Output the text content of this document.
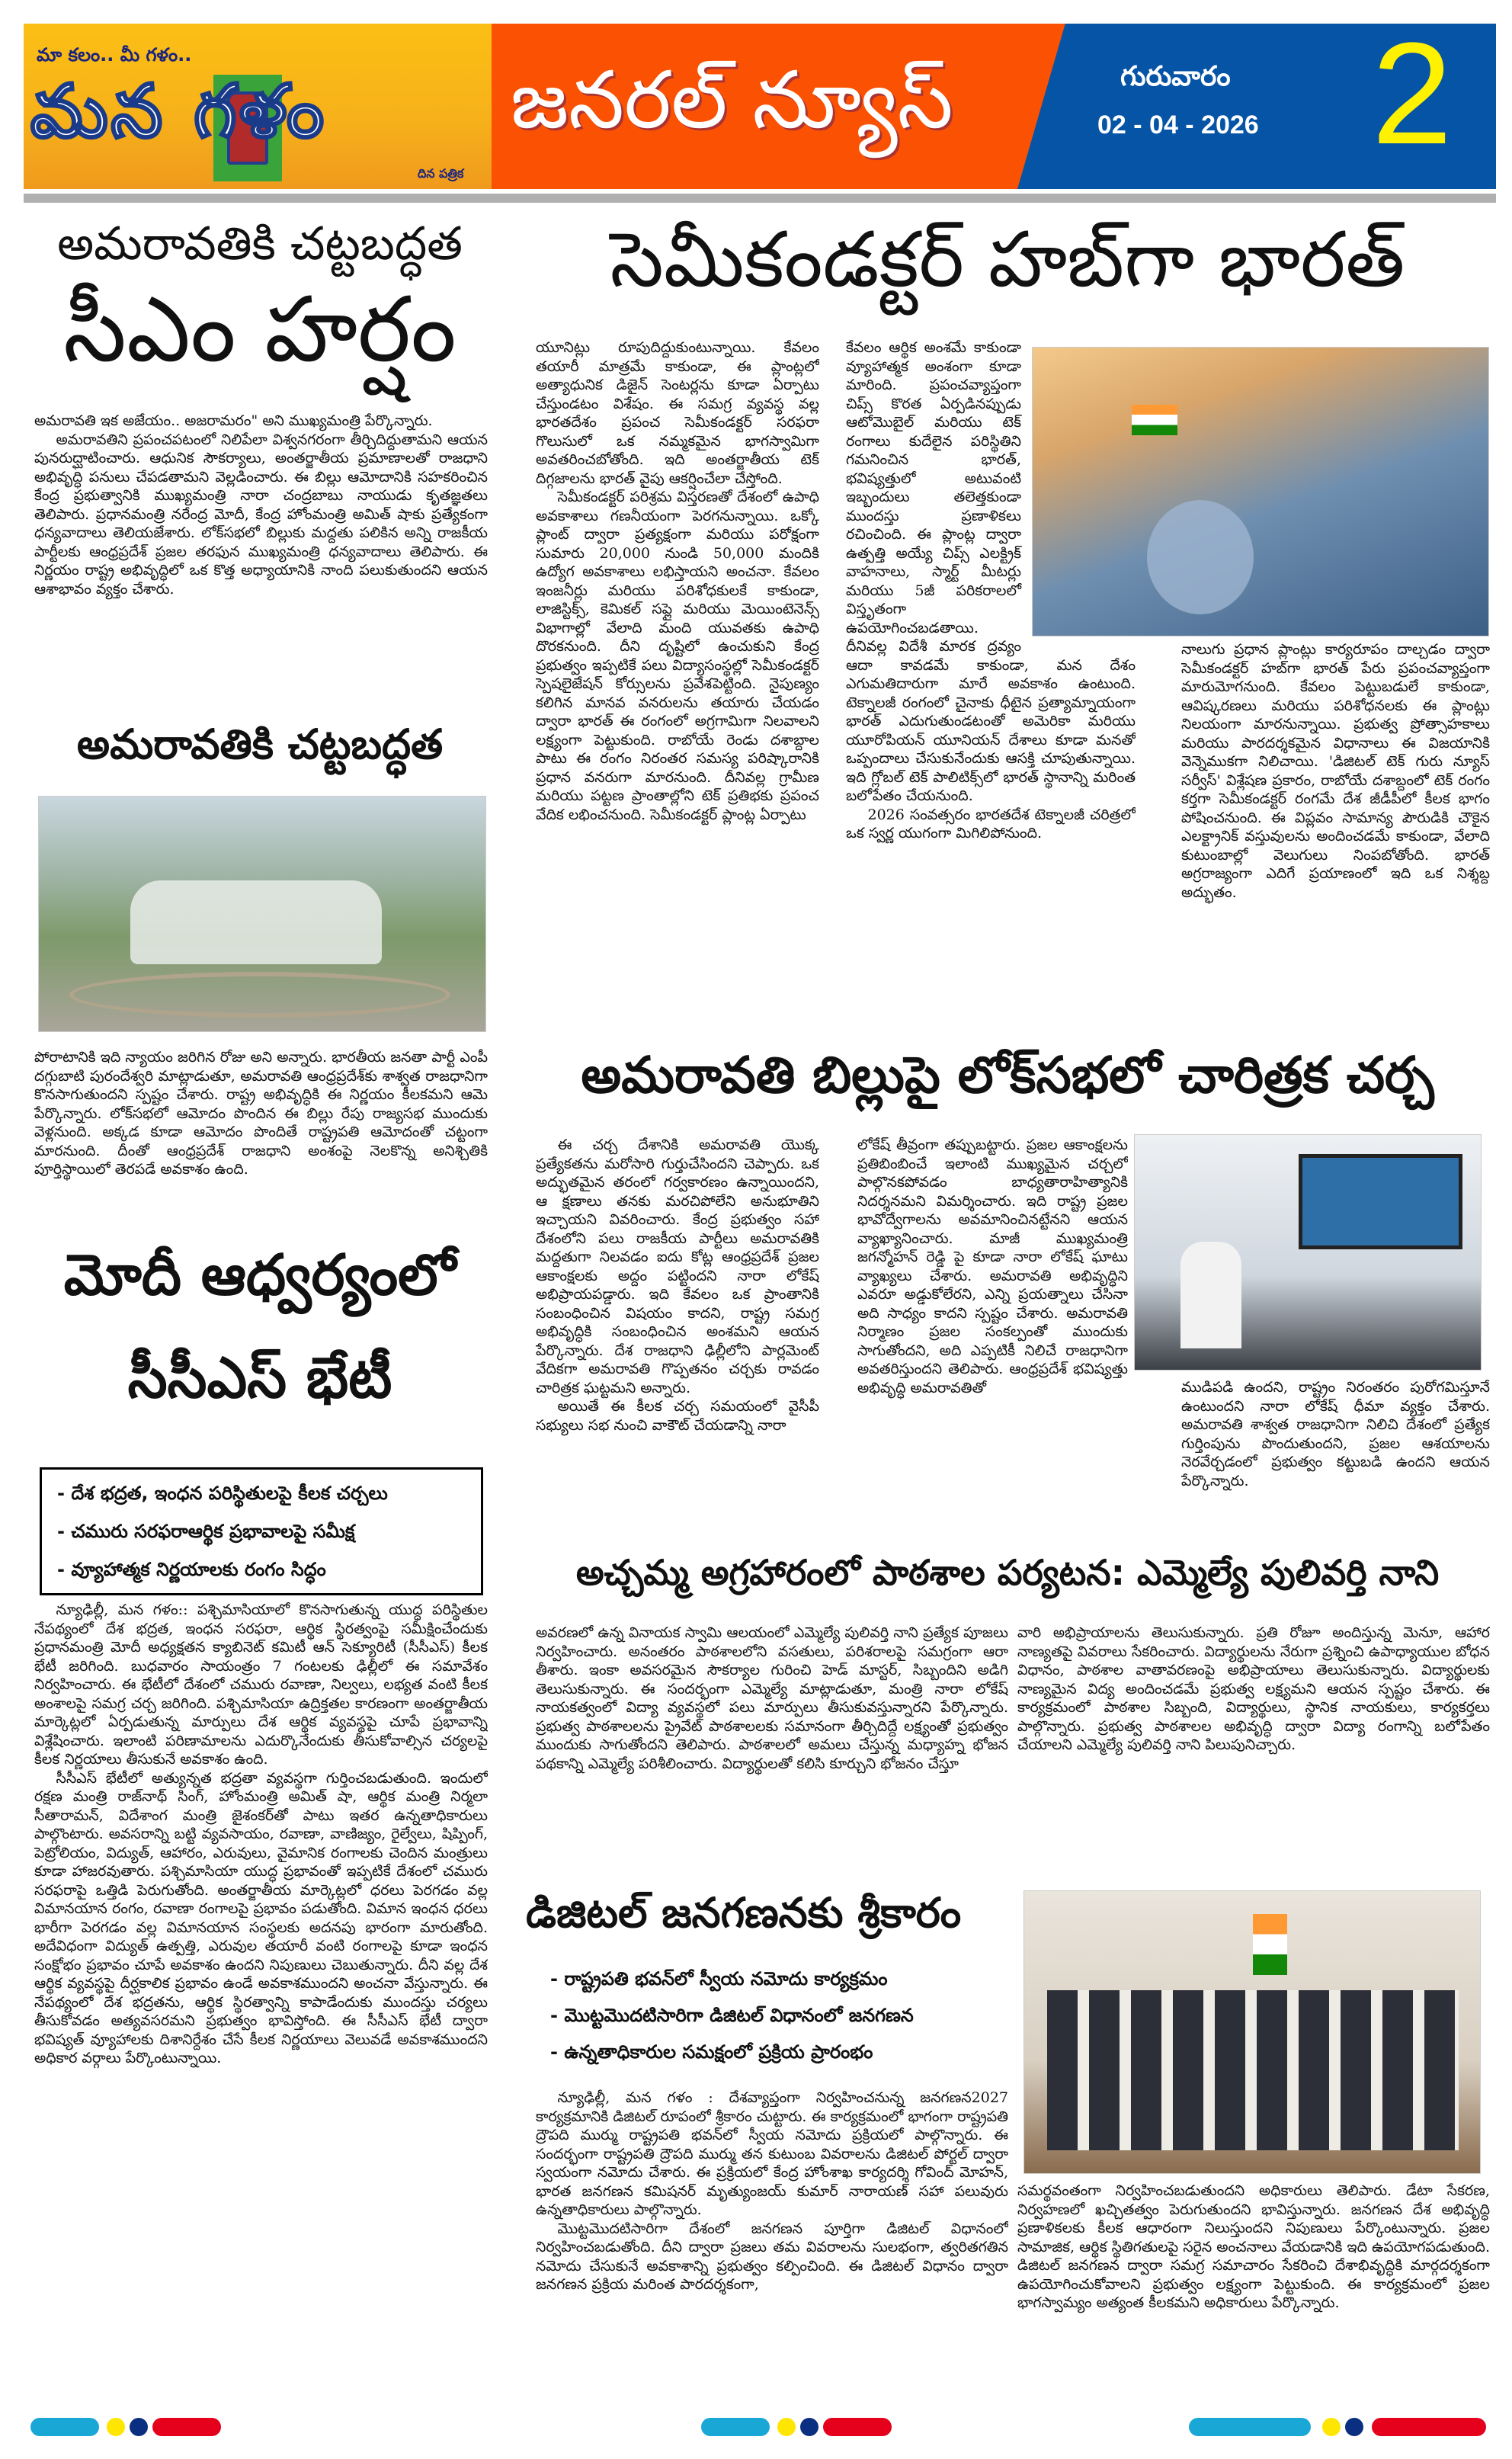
మా కలం.. మీ గళం..
మన గళం
దిన పత్రిక
జనరల్ న్యూస్	గురువారం
02 - 04 - 2026 2
అమరావతికి చట్టబద్ధత
సీఎం హర్షం

అమరావతి ఇక అజేయం.. అజరామరం" అని ముఖ్యమంత్రి పేర్కొన్నారు.

అమరావతిని ప్రపంచపటంలో నిలిపేలా విశ్వనగరంగా తీర్చిదిద్దుతామని ఆయన పునరుద్ఘాటించారు. ఆధునిక సౌకర్యాలు, అంతర్జాతీయ ప్రమాణాలతో రాజధాని అభివృద్ధి పనులు చేపడతామని వెల్లడించారు. ఈ బిల్లు ఆమోదానికి సహకరించిన కేంద్ర ప్రభుత్వానికి ముఖ్యమంత్రి నారా చంద్రబాబు నాయుడు కృతజ్ఞతలు తెలిపారు. ప్రధానమంత్రి నరేంద్ర మోదీ, కేంద్ర హోంమంత్రి అమిత్ షాకు ప్రత్యేకంగా ధన్యవాదాలు తెలియజేశారు. లోక్‌సభలో బిల్లుకు మద్దతు పలికిన అన్ని రాజకీయ పార్టీలకు ఆంధ్రప్రదేశ్ ప్రజల తరఫున ముఖ్యమంత్రి ధన్యవాదాలు తెలిపారు. ఈ నిర్ణయం రాష్ట్ర అభివృద్ధిలో ఒక కొత్త అధ్యాయానికి నాంది పలుకుతుందని ఆయన ఆశాభావం వ్యక్తం చేశారు.

అమరావతికి చట్టబద్ధత

పోరాటానికి ఇది న్యాయం జరిగిన రోజు అని అన్నారు. భారతీయ జనతా పార్టీ ఎంపీ దగ్గుబాటి పురందేశ్వరి మాట్లాడుతూ, అమరావతి ఆంధ్రప్రదేశ్‌కు శాశ్వత రాజధానిగా కొనసాగుతుందని స్పష్టం చేశారు. రాష్ట్ర అభివృద్ధికి ఈ నిర్ణయం కీలకమని ఆమె పేర్కొన్నారు. లోక్‌సభలో ఆమోదం పొందిన ఈ బిల్లు రేపు రాజ్యసభ ముందుకు వెళ్లనుంది. అక్కడ కూడా ఆమోదం పొందితే రాష్ట్రపతి ఆమోదంతో చట్టంగా మారనుంది. దీంతో ఆంధ్రప్రదేశ్ రాజధాని అంశంపై నెలకొన్న అనిశ్చితికి పూర్తిస్థాయిలో తెరపడే అవకాశం ఉంది.

మోదీ ఆధ్వర్యంలో
సీసీఎస్ భేటీ
- దేశ భద్రత, ఇంధన పరిస్థితులపై కీలక చర్చలు
- చమురు సరఫరాఆర్థిక ప్రభావాలపై సమీక్ష
- వ్యూహాత్మక నిర్ణయాలకు రంగం సిద్ధం

న్యూఢిల్లీ, మన గళం:: పశ్చిమాసియాలో కొనసాగుతున్న యుద్ధ పరిస్థితుల నేపథ్యంలో దేశ భద్రత, ఇంధన సరఫరా, ఆర్థిక స్థిరత్వంపై సమీక్షించేందుకు ప్రధానమంత్రి మోదీ అధ్యక్షతన క్యాబినెట్ కమిటీ ఆన్ సెక్యూరిటీ (సీసీఎస్) కీలక భేటీ జరిగింది. బుధవారం సాయంత్రం 7 గంటలకు ఢిల్లీలో ఈ సమావేశం నిర్వహించారు. ఈ భేటీలో దేశంలో చమురు రవాణా, నిల్వలు, లభ్యత వంటి కీలక అంశాలపై సమగ్ర చర్చ జరిగింది. పశ్చిమాసియా ఉద్రిక్తతల కారణంగా అంతర్జాతీయ మార్కెట్లలో ఏర్పడుతున్న మార్పులు దేశ ఆర్థిక వ్యవస్థపై చూపే ప్రభావాన్ని విశ్లేషించారు. ఇలాంటి పరిణామాలను ఎదుర్కొనేందుకు తీసుకోవాల్సిన చర్యలపై కీలక నిర్ణయాలు తీసుకునే అవకాశం ఉంది.

సీసీఎస్ భేటీలో అత్యున్నత భద్రతా వ్యవస్థగా గుర్తించబడుతుంది. ఇందులో రక్షణ మంత్రి రాజ్‌నాథ్ సింగ్, హోంమంత్రి అమిత్ షా, ఆర్థిక మంత్రి నిర్మలా సీతారామన్, విదేశాంగ మంత్రి జైశంకర్‌తో పాటు ఇతర ఉన్నతాధికారులు పాల్గొంటారు. అవసరాన్ని బట్టి వ్యవసాయం, రవాణా, వాణిజ్యం, రైల్వేలు, షిప్పింగ్, పెట్రోలియం, విద్యుత్, ఆహారం, ఎరువులు, వైమానిక రంగాలకు చెందిన మంత్రులు కూడా హాజరవుతారు. పశ్చిమాసియా యుద్ధ ప్రభావంతో ఇప్పటికే దేశంలో చమురు సరఫరాపై ఒత్తిడి పెరుగుతోంది. అంతర్జాతీయ మార్కెట్లలో ధరలు పెరగడం వల్ల విమానయాన రంగం, రవాణా రంగాలపై ప్రభావం పడుతోంది. విమాన ఇంధన ధరలు భారీగా పెరగడం వల్ల విమానయాన సంస్థలకు అదనపు భారంగా మారుతోంది. అదేవిధంగా విద్యుత్ ఉత్పత్తి, ఎరువుల తయారీ వంటి రంగాలపై కూడా ఇంధన సంక్షోభం ప్రభావం చూపే అవకాశం ఉందని నిపుణులు చెబుతున్నారు. దీని వల్ల దేశ ఆర్థిక వ్యవస్థపై దీర్ఘకాలిక ప్రభావం ఉండే అవకాశముందని అంచనా వేస్తున్నారు. ఈ నేపథ్యంలో దేశ భద్రతను, ఆర్థిక స్థిరత్వాన్ని కాపాడేందుకు ముందస్తు చర్యలు తీసుకోవడం అత్యవసరమని ప్రభుత్వం భావిస్తోంది. ఈ సీసీఎస్ భేటీ ద్వారా భవిష్యత్ వ్యూహాలకు దిశానిర్దేశం చేసే కీలక నిర్ణయాలు వెలువడే అవకాశముందని అధికార వర్గాలు పేర్కొంటున్నాయి.

సెమీకండక్టర్ హబ్‌గా భారత్

యూనిట్లు రూపుదిద్దుకుంటున్నాయి. కేవలం తయారీ మాత్రమే కాకుండా, ఈ ప్లాంట్లలో అత్యాధునిక డిజైన్ సెంటర్లను కూడా ఏర్పాటు చేస్తుండటం విశేషం. ఈ సమగ్ర వ్యవస్థ వల్ల భారతదేశం ప్రపంచ సెమీకండక్టర్ సరఫరా గొలుసులో ఒక నమ్మకమైన భాగస్వామిగా అవతరించబోతోంది. ఇది అంతర్జాతీయ టెక్ దిగ్గజాలను భారత్ వైపు ఆకర్షించేలా చేస్తోంది.

సెమీకండక్టర్ పరిశ్రమ విస్తరణతో దేశంలో ఉపాధి అవకాశాలు గణనీయంగా పెరగనున్నాయి. ఒక్కో ప్లాంట్ ద్వారా ప్రత్యక్షంగా మరియు పరోక్షంగా సుమారు 20,000 నుండి 50,000 మందికి ఉద్యోగ అవకాశాలు లభిస్తాయని అంచనా. కేవలం ఇంజనీర్లు మరియు పరిశోధకులకే కాకుండా, లాజిస్టిక్స్, కెమికల్ సప్లై మరియు మెయింటెనెన్స్ విభాగాల్లో వేలాది మంది యువతకు ఉపాధి దొరకనుంది. దీని దృష్టిలో ఉంచుకుని కేంద్ర ప్రభుత్వం ఇప్పటికే పలు విద్యాసంస్థల్లో సెమీకండక్టర్ స్పెషలైజేషన్ కోర్సులను ప్రవేశపెట్టింది. నైపుణ్యం కలిగిన మానవ వనరులను తయారు చేయడం ద్వారా భారత్ ఈ రంగంలో అగ్రగామిగా నిలవాలని లక్ష్యంగా పెట్టుకుంది. రాబోయే రెండు దశాబ్దాల పాటు ఈ రంగం నిరంతర సమస్య పరిష్కారానికి ప్రధాన వనరుగా మారనుంది. దీనివల్ల గ్రామీణ మరియు పట్టణ ప్రాంతాల్లోని టెక్ ప్రతిభకు ప్రపంచ వేదిక లభించనుంది. సెమీకండక్టర్ ప్లాంట్ల ఏర్పాటు

కేవలం ఆర్థిక అంశమే కాకుండా వ్యూహాత్మక అంశంగా కూడా మారింది. ప్రపంచవ్యాప్తంగా చిప్స్ కొరత ఏర్పడినప్పుడు ఆటోమొబైల్ మరియు టెక్ రంగాలు కుదేలైన పరిస్థితిని గమనించిన భారత్, భవిష్యత్తులో అటువంటి ఇబ్బందులు తలెత్తకుండా ముందస్తు ప్రణాళికలు రచించింది. ఈ ప్లాంట్ల ద్వారా ఉత్పత్తి అయ్యే చిప్స్ ఎలక్ట్రిక్ వాహనాలు, స్మార్ట్ మీటర్లు మరియు 5జీ పరికరాలలో విస్తృతంగా ఉపయోగించబడతాయి. దీనివల్ల విదేశీ మారక ద్రవ్యం ఆదా కావడమే కాకుండా, మన దేశం ఎగుమతిదారుగా మారే అవకాశం ఉంటుంది. టెక్నాలజీ రంగంలో చైనాకు ధీటైన ప్రత్యామ్నాయంగా భారత్ ఎదుగుతుండటంతో అమెరికా మరియు యూరోపియన్ యూనియన్ దేశాలు కూడా మనతో ఒప్పందాలు చేసుకునేందుకు ఆసక్తి చూపుతున్నాయి. ఇది గ్లోబల్ టెక్ పాలిటిక్స్‌లో భారత్ స్థానాన్ని మరింత బలోపేతం చేయనుంది.

2026 సంవత్సరం భారతదేశ టెక్నాలజీ చరిత్రలో ఒక స్వర్ణ యుగంగా మిగిలిపోనుంది.

నాలుగు ప్రధాన ప్లాంట్లు కార్యరూపం దాల్చడం ద్వారా సెమీకండక్టర్ హబ్‌గా భారత్ పేరు ప్రపంచవ్యాప్తంగా మారుమోగనుంది. కేవలం పెట్టుబడులే కాకుండా, ఆవిష్కరణలు మరియు పరిశోధనలకు ఈ ప్లాంట్లు నిలయంగా మారనున్నాయి. ప్రభుత్వ ప్రోత్సాహకాలు మరియు పారదర్శకమైన విధానాలు ఈ విజయానికి వెన్నెముకగా నిలిచాయి. 'డిజిటల్ టెక్ గురు న్యూస్ సర్వీస్' విశ్లేషణ ప్రకారం, రాబోయే దశాబ్దంలో టెక్ రంగం కర్తగా సెమీకండక్టర్ రంగమే దేశ జీడీపీలో కీలక భాగం పోషించనుంది. ఈ విప్లవం సామాన్య పౌరుడికి చౌకైన ఎలక్ట్రానిక్ వస్తువులను అందించడమే కాకుండా, వేలాది కుటుంబాల్లో వెలుగులు నింపబోతోంది. భారత్ అగ్రరాజ్యంగా ఎదిగే ప్రయాణంలో ఇది ఒక నిశ్శబ్ద అద్భుతం.

అమరావతి బిల్లుపై లోక్‌సభలో చారిత్రక చర్చ

ఈ చర్చ దేశానికి అమరావతి యొక్క ప్రత్యేకతను మరోసారి గుర్తుచేసిందని చెప్పారు. ఒక అద్భుతమైన తరంలో గర్వకారణం ఉన్నాయిందని, ఆ క్షణాలు తనకు మరచిపోలేని అనుభూతిని ఇచ్చాయని వివరించారు. కేంద్ర ప్రభుత్వం సహా దేశంలోని పలు రాజకీయ పార్టీలు అమరావతికి మద్దతుగా నిలవడం ఐదు కోట్ల ఆంధ్రప్రదేశ్ ప్రజల ఆకాంక్షలకు అద్దం పట్టిందని నారా లోకేష్ అభిప్రాయపడ్డారు. ఇది కేవలం ఒక ప్రాంతానికి సంబంధించిన విషయం కాదని, రాష్ట్ర సమగ్ర అభివృద్ధికి సంబంధించిన అంశమని ఆయన పేర్కొన్నారు. దేశ రాజధాని ఢిల్లీలోని పార్లమెంట్ వేదికగా అమరావతి గొప్పతనం చర్చకు రావడం చారిత్రక ఘట్టమని అన్నారు.

అయితే ఈ కీలక చర్చ సమయంలో వైసీపీ సభ్యులు సభ నుంచి వాకౌట్ చేయడాన్ని నారా

లోకేష్ తీవ్రంగా తప్పుబట్టారు. ప్రజల ఆకాంక్షలను ప్రతిబింబించే ఇలాంటి ముఖ్యమైన చర్చలో పాల్గొనకపోవడం బాధ్యతారాహిత్యానికి నిదర్శనమని విమర్శించారు. ఇది రాష్ట్ర ప్రజల భావోద్వేగాలను అవమానించినట్టేనని ఆయన వ్యాఖ్యానించారు. మాజీ ముఖ్యమంత్రి జగన్మోహన్ రెడ్డి పై కూడా నారా లోకేష్ ఘాటు వ్యాఖ్యలు చేశారు. అమరావతి అభివృద్ధిని ఎవరూ అడ్డుకోలేరని, ఎన్ని ప్రయత్నాలు చేసినా అది సాధ్యం కాదని స్పష్టం చేశారు. అమరావతి నిర్మాణం ప్రజల సంకల్పంతో ముందుకు సాగుతోందని, అది ఎప్పటికీ నిలిచే రాజధానిగా అవతరిస్తుందని తెలిపారు. ఆంధ్రప్రదేశ్ భవిష్యత్తు అభివృద్ధి అమరావతితో	ముడిపడి ఉందని, రాష్ట్రం నిరంతరం పురోగమిస్తూనే ఉంటుందని నారా లోకేష్ ధీమా వ్యక్తం చేశారు. అమరావతి శాశ్వత రాజధానిగా నిలిచి దేశంలో ప్రత్యేక గుర్తింపును పొందుతుందని, ప్రజల ఆశయాలను నెరవేర్చడంలో ప్రభుత్వం కట్టుబడి ఉందని ఆయన పేర్కొన్నారు.

అచ్చమ్మ అగ్రహారంలో పాఠశాల పర్యటన: ఎమ్మెల్యే పులివర్తి నాని

అవరణలో ఉన్న వినాయక స్వామి ఆలయంలో ఎమ్మెల్యే పులివర్తి నాని ప్రత్యేక పూజలు నిర్వహించారు. అనంతరం పాఠశాలలోని వసతులు, పరిశరాలపై సమగ్రంగా ఆరా తీశారు. ఇంకా అవసరమైన సౌకర్యాల గురించి హెడ్ మాస్టర్, సిబ్బందిని అడిగి తెలుసుకున్నారు. ఈ సందర్భంగా ఎమ్మెల్యే మాట్లాడుతూ, మంత్రి నారా లోకేష్ నాయకత్వంలో విద్యా వ్యవస్థలో పలు మార్పులు తీసుకువస్తున్నారని పేర్కొన్నారు. ప్రభుత్వ పాఠశాలలను ప్రైవేట్ పాఠశాలలకు సమానంగా తీర్చిదిద్దే లక్ష్యంతో ప్రభుత్వం ముందుకు సాగుతోందని తెలిపారు. పాఠశాలలో అమలు చేస్తున్న మధ్యాహ్న భోజన పథకాన్ని ఎమ్మెల్యే పరిశీలించారు. విద్యార్థులతో కలిసి కూర్చుని భోజనం చేస్తూ

వారి అభిప్రాయాలను తెలుసుకున్నారు. ప్రతి రోజూ అందిస్తున్న మెనూ, ఆహార నాణ్యతపై వివరాలు సేకరించారు. విద్యార్థులను నేరుగా ప్రశ్నించి ఉపాధ్యాయుల బోధన విధానం, పాఠశాల వాతావరణంపై అభిప్రాయాలు తెలుసుకున్నారు. విద్యార్థులకు నాణ్యమైన విద్య అందించడమే ప్రభుత్వ లక్ష్యమని ఆయన స్పష్టం చేశారు. ఈ కార్యక్రమంలో పాఠశాల సిబ్బంది, విద్యార్థులు, స్థానిక నాయకులు, కార్యకర్తలు పాల్గొన్నారు. ప్రభుత్వ పాఠశాలల అభివృద్ధి ద్వారా విద్యా రంగాన్ని బలోపేతం చేయాలని ఎమ్మెల్యే పులివర్తి నాని పిలుపునిచ్చారు.

డిజిటల్ జనగణనకు శ్రీకారం
- రాష్ట్రపతి భవన్‌లో స్వీయ నమోదు కార్యక్రమం
- మొట్టమొదటిసారిగా డిజిటల్ విధానంలో జనగణన
- ఉన్నతాధికారుల సమక్షంలో ప్రక్రియ ప్రారంభం

న్యూఢిల్లీ, మన గళం : దేశవ్యాప్తంగా నిర్వహించనున్న జనగణన2027 కార్యక్రమానికి డిజిటల్ రూపంలో శ్రీకారం చుట్టారు. ఈ కార్యక్రమంలో భాగంగా రాష్ట్రపతి ద్రౌపది ముర్ము రాష్ట్రపతి భవన్‌లో స్వీయ నమోదు ప్రక్రియలో పాల్గొన్నారు. ఈ సందర్భంగా రాష్ట్రపతి ద్రౌపది ముర్ము తన కుటుంబ వివరాలను డిజిటల్ పోర్టల్ ద్వారా స్వయంగా నమోదు చేశారు. ఈ ప్రక్రియలో కేంద్ర హోంశాఖ కార్యదర్శి గోవింద్ మోహన్, భారత జనగణన కమిషనర్ మృత్యుంజయ్ కుమార్ నారాయణ్ సహా పలువురు ఉన్నతాధికారులు పాల్గొన్నారు.

మొట్టమొదటిసారిగా దేశంలో జనగణన పూర్తిగా డిజిటల్ విధానంలో నిర్వహించబడుతోంది. దీని ద్వారా ప్రజలు తమ వివరాలను సులభంగా, త్వరితగతిన నమోదు చేసుకునే అవకాశాన్ని ప్రభుత్వం కల్పించింది. ఈ డిజిటల్ విధానం ద్వారా జనగణన ప్రక్రియ మరింత పారదర్శకంగా,

సమర్థవంతంగా నిర్వహించబడుతుందని అధికారులు తెలిపారు. డేటా సేకరణ, నిర్వహణలో ఖచ్చితత్వం పెరుగుతుందని భావిస్తున్నారు. జనగణన దేశ అభివృద్ధి ప్రణాళికలకు కీలక ఆధారంగా నిలుస్తుందని నిపుణులు పేర్కొంటున్నారు. ప్రజల సామాజిక, ఆర్థిక స్థితిగతులపై సరైన అంచనాలు వేయడానికి ఇది ఉపయోగపడుతుంది. డిజిటల్ జనగణన ద్వారా సమగ్ర సమాచారం సేకరించి దేశాభివృద్ధికి మార్గదర్శకంగా ఉపయోగించుకోవాలని ప్రభుత్వం లక్ష్యంగా పెట్టుకుంది. ఈ కార్యక్రమంలో ప్రజల భాగస్వామ్యం అత్యంత కీలకమని అధికారులు పేర్కొన్నారు.
